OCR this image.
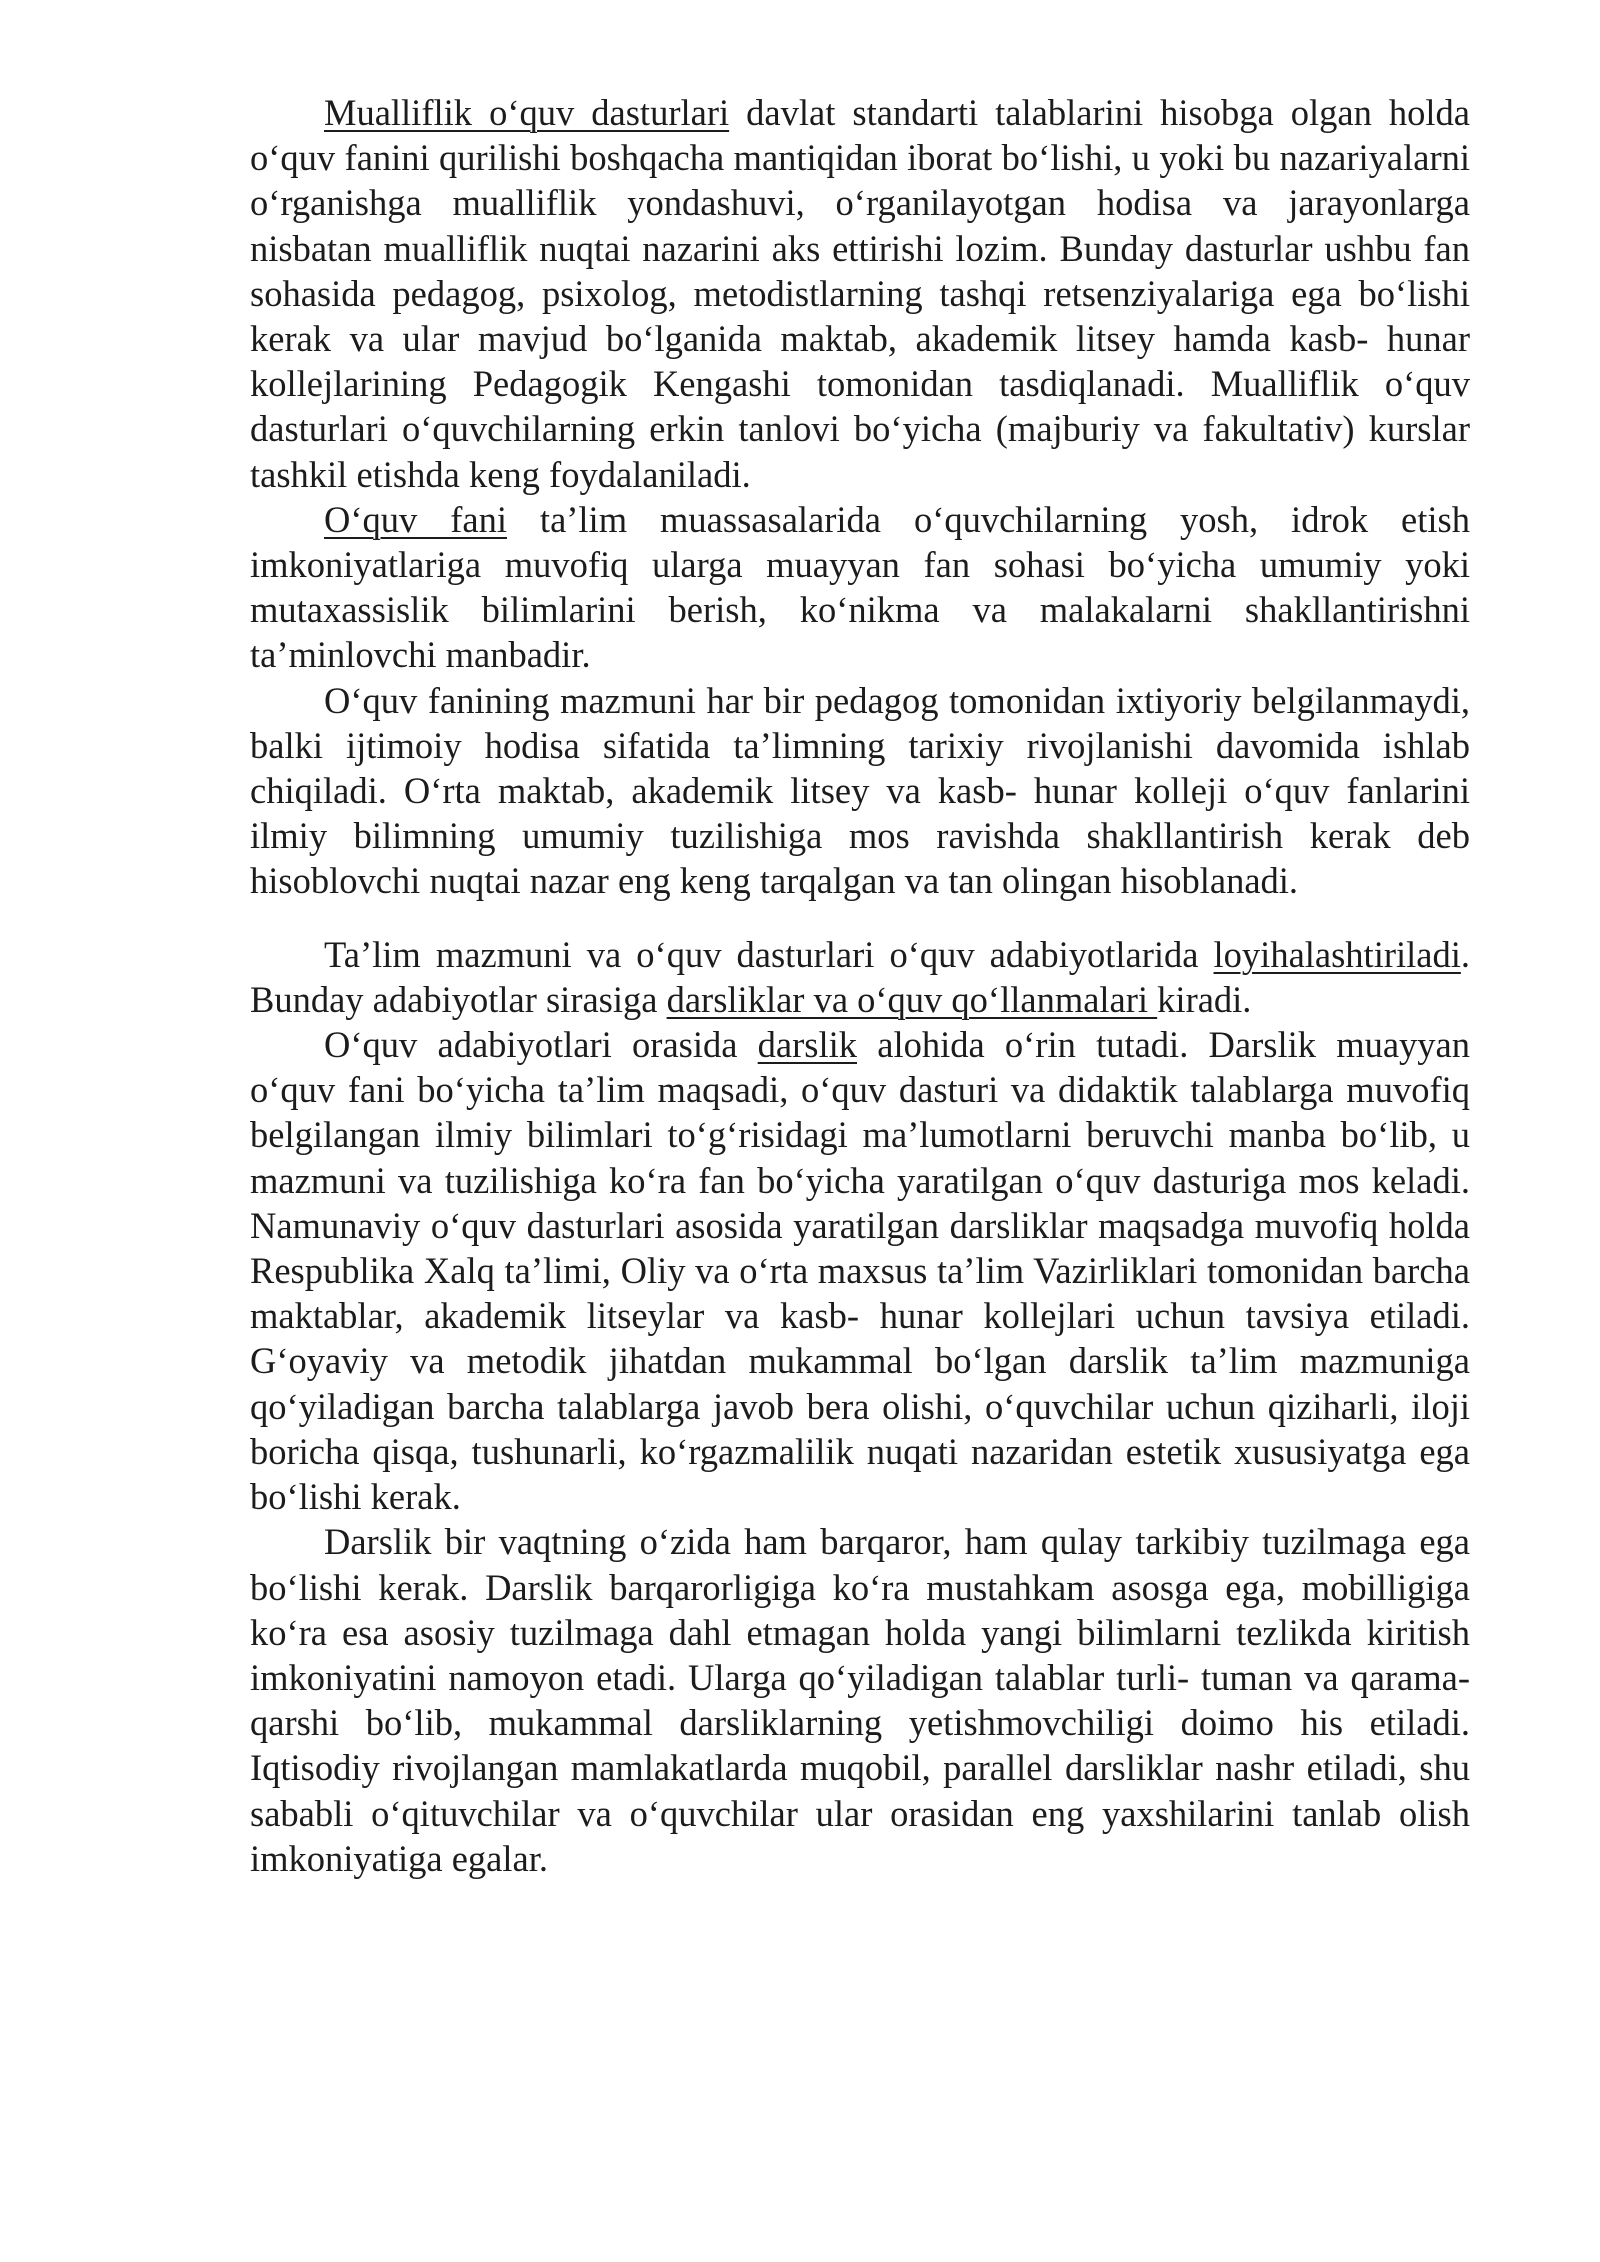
Mualliflik o‘quv dasturlari davlat standarti talablarini hisobga olgan holda o‘quv fanini qurilishi boshqacha mantiqidan iborat bo‘lishi, u yoki bu nazariyalarni o‘rganishga mualliflik yondashuvi, o‘rganilayotgan hodisa va jarayonlarga nisbatan mualliflik nuqtai nazarini aks ettirishi lozim. Bunday dasturlar ushbu fan sohasida pedagog, psixolog, metodistlarning tashqi retsenziyalariga ega bo‘lishi kerak va ular mavjud bo‘lganida maktab, akademik litsey hamda kasb- hunar kollejlarining Pedagogik Kengashi tomonidan tasdiqlanadi. Mualliflik o‘quv dasturlari o‘quvchilarning erkin tanlovi bo‘yicha (majburiy va fakultativ) kurslar tashkil etishda keng foydalaniladi.

O‘quv fani ta’lim muassasalarida o‘quvchilarning yosh, idrok etish imkoniyatlariga muvofiq ularga muayyan fan sohasi bo‘yicha umumiy yoki mutaxassislik bilimlarini berish, ko‘nikma va malakalarni shakllantirishni ta’minlovchi manbadir.

O‘quv fanining mazmuni har bir pedagog tomonidan ixtiyoriy belgilanmaydi, balki ijtimoiy hodisa sifatida ta’limning tarixiy rivojlanishi davomida ishlab chiqiladi. O‘rta maktab, akademik litsey va kasb- hunar kolleji o‘quv fanlarini ilmiy bilimning umumiy tuzilishiga mos ravishda shakllantirish kerak deb hisoblovchi nuqtai nazar eng keng tarqalgan va tan olingan hisoblanadi.

Ta’lim mazmuni va o‘quv dasturlari o‘quv adabiyotlarida loyihalashtiriladi. Bunday adabiyotlar sirasiga darsliklar va o‘quv qo‘llanmalari kiradi.

O‘quv adabiyotlari orasida darslik alohida o‘rin tutadi. Darslik muayyan o‘quv fani bo‘yicha ta’lim maqsadi, o‘quv dasturi va didaktik talablarga muvofiq belgilangan ilmiy bilimlari to‘g‘risidagi ma’lumotlarni beruvchi manba bo‘lib, u mazmuni va tuzilishiga ko‘ra fan bo‘yicha yaratilgan o‘quv dasturiga mos keladi. Namunaviy o‘quv dasturlari asosida yaratilgan darsliklar maqsadga muvofiq holda Respublika Xalq ta’limi, Oliy va o‘rta maxsus ta’lim Vazirliklari tomonidan barcha maktablar, akademik litseylar va kasb- hunar kollejlari uchun tavsiya etiladi. G‘oyaviy va metodik jihatdan mukammal bo‘lgan darslik ta’lim mazmuniga qo‘yiladigan barcha talablarga javob bera olishi, o‘quvchilar uchun qiziharli, iloji boricha qisqa, tushunarli, ko‘rgazmalilik nuqati nazaridan estetik xususiyatga ega bo‘lishi kerak.

Darslik bir vaqtning o‘zida ham barqaror, ham qulay tarkibiy tuzilmaga ega bo‘lishi kerak. Darslik barqarorligiga ko‘ra mustahkam asosga ega, mobilligiga ko‘ra esa asosiy tuzilmaga dahl etmagan holda yangi bilimlarni tezlikda kiritish imkoniyatini namoyon etadi. Ularga qo‘yiladigan talablar turli- tuman va qarama- qarshi bo‘lib, mukammal darsliklarning yetishmovchiligi doimo his etiladi. Iqtisodiy rivojlangan mamlakatlarda muqobil, parallel darsliklar nashr etiladi, shu sababli o‘qituvchilar va o‘quvchilar ular orasidan eng yaxshilarini tanlab olish imkoniyatiga egalar.
